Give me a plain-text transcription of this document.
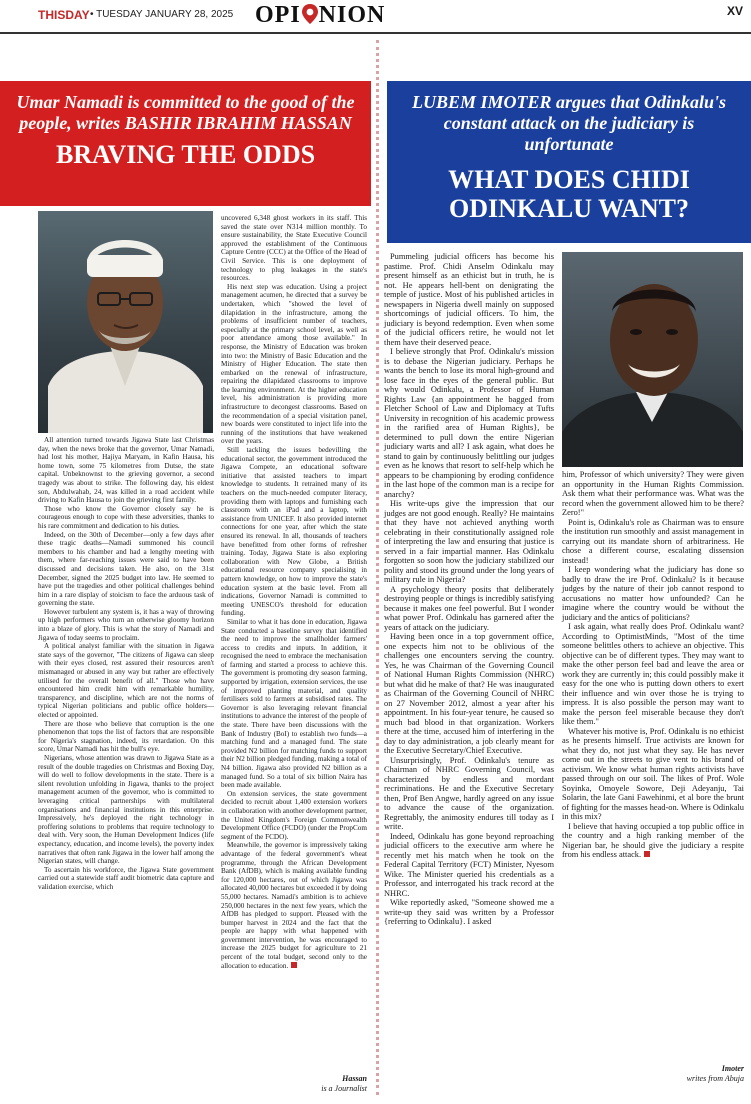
THISDAY • TUESDAY JANUARY 28, 2025 OPI NION	XV
Umar Namadi is committed to the good of the people, writes BASHIR IBRAHIM HASSAN
BRAVING THE ODDS

All attention turned towards Jigawa State last Christmas day, when the news broke that the governor, Umar Namadi, had lost his mother, Hajiya Maryam, in Kafin Hausa, his home town, some 75 kilometres from Dutse, the state capital. Unbeknownst to the grieving governor, a second tragedy was about to strike. The following day, his eldest son, Abdulwahab, 24, was killed in a road accident while driving to Kafin Hausa to join the grieving first family.

Those who know the Governor closely say he is courageous enough to cope with these adversities, thanks to his rare commitment and dedication to his duties.

Indeed, on the 30th of December—only a few days after these tragic deaths—Namadi summoned his council members to his chamber and had a lengthy meeting with them, where far-reaching issues were said to have been discussed and decisions taken. He also, on the 31st December, signed the 2025 budget into law. He seemed to have put the tragedies and other political challenges behind him in a rare display of stoicism to face the arduous task of governing the state.

However turbulent any system is, it has a way of throwing up high performers who turn an otherwise gloomy horizon into a blaze of glory. This is what the story of Namadi and Jigawa of today seems to proclaim.

A political analyst familiar with the situation in Jigawa state says of the governor, "The citizens of Jigawa can sleep with their eyes closed, rest assured their resources aren't mismanaged or abused in any way but rather are effectively utilised for the overall benefit of all." Those who have encountered him credit him with remarkable humility, transparency, and discipline, which are not the norms of typical Nigerian politicians and public office holders—elected or appointed.

There are those who believe that corruption is the one phenomenon that tops the list of factors that are responsible for Nigeria's stagnation, indeed, its retardation. On this score, Umar Namadi has hit the bull's eye.

Nigerians, whose attention was drawn to Jigawa State as a result of the double tragedies on Christmas and Boxing Day, will do well to follow developments in the state. There is a silent revolution unfolding in Jigawa, thanks to the project management acumen of the governor, who is committed to leveraging critical partnerships with multilateral organisations and financial institutions in this enterprise. Impressively, he's deployed the right technology in proffering solutions to problems that require technology to deal with. Very soon, the Human Development Indices (life expectancy, education, and income levels), the poverty index narratives that often rank Jigawa in the lower half among the Nigerian states, will change.

To ascertain his workforce, the Jigawa State government carried out a statewide staff audit biometric data capture and validation exercise, which

uncovered 6,348 ghost workers in its staff. This saved the state over N314 million monthly. To ensure sustainability, the State Executive Council approved the establishment of the Continuous Capture Centre (CCC) at the Office of the Head of Civil Service. This is one deployment of technology to plug leakages in the state's resources.

His next step was education. Using a project management acumen, he directed that a survey be undertaken, which "showed the level of dilapidation in the infrastructure, among the problems of insufficient number of teachers, especially at the primary school level, as well as poor attendance among those available." In response, the Ministry of Education was broken into two: the Ministry of Basic Education and the Ministry of Higher Education. The state then embarked on the renewal of infrastructure, repairing the dilapidated classrooms to improve the learning environment. At the higher education level, his administration is providing more infrastructure to decongest classrooms. Based on the recommendation of a special visitation panel, new boards were constituted to inject life into the running of the institutions that have weakened over the years.

Still tackling the issues bedevilling the educational sector, the government introduced the Jigawa Compete, an educational software initiative that assisted teachers to impart knowledge to students. It retrained many of its teachers on the much-needed computer literacy, providing them with laptops and furnishing each classroom with an iPad and a laptop, with assistance from UNICEF. It also provided internet connections for one year, after which the state ensured its renewal. In all, thousands of teachers have benefitted from other forms of refresher training. Today, Jigawa State is also exploring collaboration with New Globe, a British educational resource company specialising in pattern knowledge, on how to improve the state's education system at the basic level. From all indications, Governor Namadi is committed to meeting UNESCO's threshold for education funding.

Similar to what it has done in education, Jigawa State conducted a baseline survey that identified the need to improve the smallholder farmers' access to credits and inputs. In addition, it recognised the need to embrace the mechanisation of farming and started a process to achieve this. The government is promoting dry season farming, supported by irrigation, extension services, the use of improved planting material, and quality fertilisers sold to farmers at subsidised rates. The Governor is also leveraging relevant financial institutions to advance the interest of the people of the state. There have been discussions with the Bank of Industry (BoI) to establish two funds—a matching fund and a managed fund. The state provided N2 billion for matching funds to support their N2 billion pledged funding, making a total of N4 billion. Jigawa also provided N2 billion as a managed fund. So a total of six billion Naira has been made available.

On extension services, the state government decided to recruit about 1,400 extension workers in collaboration with another development partner, the United Kingdom's Foreign Commonwealth Development Office (FCDO) (under the PropCom segment of the FCDO).

Meanwhile, the governor is impressively taking advantage of the federal government's wheat programme, through the African Development Bank (AfDB), which is making available funding for 120,000 hectares, out of which Jigawa was allocated 40,000 hectares but exceeded it by doing 55,000 hectares. Namadi's ambition is to achieve 250,000 hectares in the next few years, which the AfDB has pledged to support. Pleased with the bumper harvest in 2024 and the fact that the people are happy with what happened with government intervention, he was encouraged to increase the 2025 budget for agriculture to 21 percent of the total budget, second only to the allocation to education.

Hassan
is a Journalist
LUBEM IMOTER argues that Odinkalu's constant attack on the judiciary is unfortunate
WHAT DOES CHIDI ODINKALU WANT?

Pummeling judicial officers has become his pastime. Prof. Chidi Anselm Odinkalu may present himself as an ethicist but in truth, he is not. He appears hell-bent on denigrating the temple of justice. Most of his published articles in newspapers in Nigeria dwell mainly on supposed shortcomings of judicial officers. To him, the judiciary is beyond redemption. Even when some of the judicial officers retire, he would not let them have their deserved peace.

I believe strongly that Prof. Odinkalu's mission is to debase the Nigerian judiciary. Perhaps he wants the bench to lose its moral high-ground and lose face in the eyes of the general public. But why would Odinkalu, a Professor of Human Rights Law {an appointment he bagged from Fletcher School of Law and Diplomacy at Tufts University in recognition of his academic prowess in the rarified area of Human Rights}, be determined to pull down the entire Nigerian judiciary warts and all? I ask again, what does he stand to gain by continuously belittling our judges even as he knows that resort to self-help which he appears to be championing by eroding confidence in the last hope of the common man is a recipe for anarchy?

His write-ups give the impression that our judges are not good enough. Really? He maintains that they have not achieved anything worth celebrating in their constitutionally assigned role of interpreting the law and ensuring that justice is served in a fair impartial manner. Has Odinkalu forgotten so soon how the judiciary stabilized our polity and stood its ground under the long years of military rule in Nigeria?

A psychology theory posits that deliberately destroying people or things is incredibly satisfying because it makes one feel powerful. But I wonder what power Prof. Odinkalu has garnered after the years of attack on the judiciary.

Having been once in a top government office, one expects him not to be oblivious of the challenges one encounters serving the country. Yes, he was Chairman of the Governing Council of National Human Rights Commission (NHRC) but what did he make of that? He was inaugurated as Chairman of the Governing Council of NHRC on 27 November 2012, almost a year after his appointment. In his four-year tenure, he caused so much bad blood in that organization. Workers there at the time, accused him of interfering in the day to day administration, a job clearly meant for the Executive Secretary/Chief Executive.

Unsurprisingly, Prof. Odinkalu's tenure as Chairman of NHRC Governing Council, was characterized by endless and mordant recriminations. He and the Executive Secretary then, Prof Ben Angwe, hardly agreed on any issue to advance the cause of the organization. Regrettably, the animosity endures till today as I write.

Indeed, Odinkalu has gone beyond reproaching judicial officers to the executive arm where he recently met his match when he took on the Federal Capital Territory (FCT) Minister, Nyesom Wike. The Minister queried his credentials as a Professor, and interrogated his track record at the NHRC.

Wike reportedly asked, "Someone showed me a write-up they said was written by a Professor {referring to Odinkalu}. I asked

him, Professor of which university? They were given an opportunity in the Human Rights Commission. Ask them what their performance was. What was the record when the government allowed him to be there? Zero!"

Point is, Odinkalu's role as Chairman was to ensure the institution run smoothly and assist management in carrying out its mandate shorn of arbitrariness. He chose a different course, escalating dissension instead!

I keep wondering what the judiciary has done so badly to draw the ire Prof. Odinkalu? Is it because judges by the nature of their job cannot respond to accusations no matter how unfounded? Can he imagine where the country would be without the judiciary and the antics of politicians?

I ask again, what really does Prof. Odinkalu want? According to OptimistMinds, "Most of the time someone belittles others to achieve an objective. This objective can be of different types. They may want to make the other person feel bad and leave the area or work they are currently in; this could possibly make it easy for the one who is putting down others to exert their influence and win over those he is trying to impress. It is also possible the person may want to make the person feel miserable because they don't like them."

Whatever his motive is, Prof. Odinkalu is no ethicist as he presents himself. True activists are known for what they do, not just what they say. He has never come out in the streets to give vent to his brand of activism. We know what human rights activists have passed through on our soil. The likes of Prof. Wole Soyinka, Omoyele Sowore, Deji Adeyanju, Tai Solarin, the late Gani Fawehinmi, et al bore the brunt of fighting for the masses head-on. Where is Odinkalu in this mix?

I believe that having occupied a top public office in the country and a high ranking member of the Nigerian bar, he should give the judiciary a respite from his endless attack.

Imoter
writes from Abuja
